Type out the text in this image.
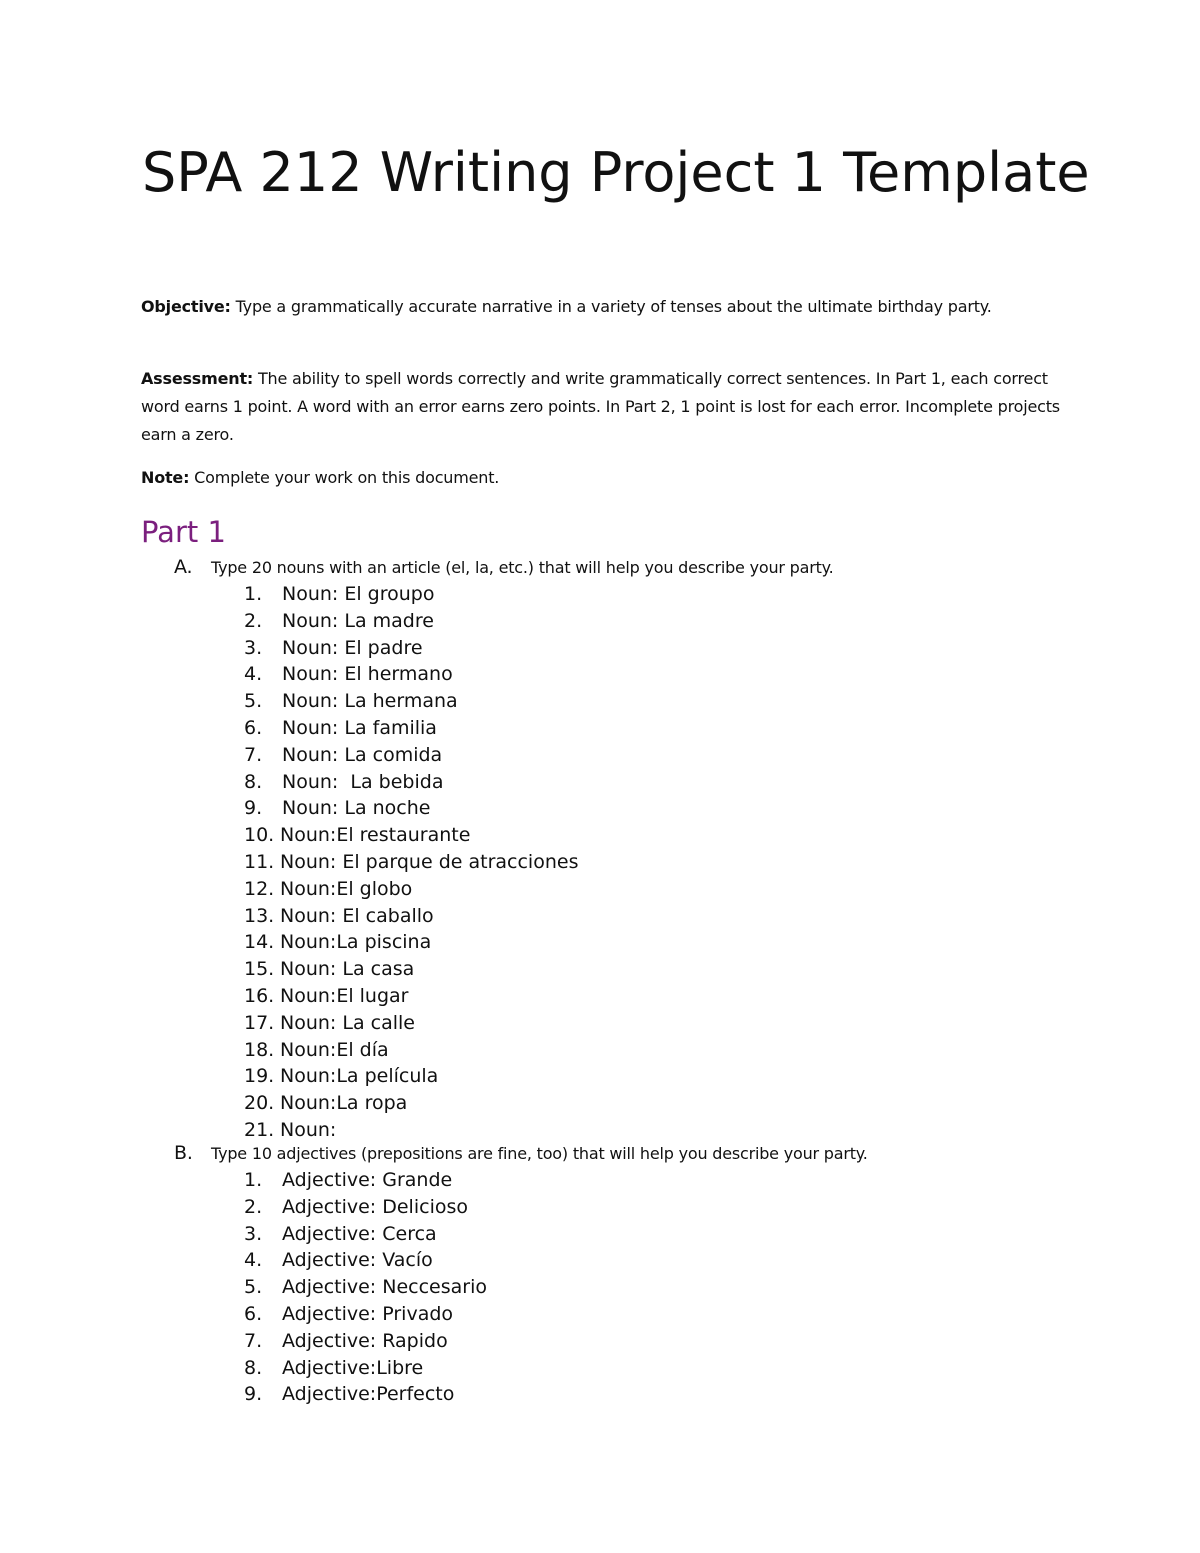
SPA 212 Writing Project 1 Template
Objective: Type a grammatically accurate narrative in a variety of tenses about the ultimate birthday party.
Assessment: The ability to spell words correctly and write grammatically correct sentences. In Part 1, each correct word earns 1 point. A word with an error earns zero points. In Part 2, 1 point is lost for each error. Incomplete projects earn a zero.
Note: Complete your work on this document.
Part 1
A. Type 20 nouns with an article (el, la, etc.) that will help you describe your party.
1. Noun: El groupo
2. Noun: La madre
3. Noun: El padre
4. Noun: El hermano
5. Noun: La hermana
6. Noun: La familia
7. Noun: La comida
8. Noun:  La bebida
9. Noun: La noche
10. Noun:El restaurante
11. Noun: El parque de atracciones
12. Noun:El globo
13. Noun: El caballo
14. Noun:La piscina
15. Noun: La casa
16. Noun:El lugar
17. Noun: La calle
18. Noun:El día
19. Noun:La película
20. Noun:La ropa
21. Noun:
B. Type 10 adjectives (prepositions are fine, too) that will help you describe your party.
1. Adjective: Grande
2. Adjective: Delicioso
3. Adjective: Cerca
4. Adjective: Vacío
5. Adjective: Neccesario
6. Adjective: Privado
7. Adjective: Rapido
8. Adjective:Libre
9. Adjective:Perfecto
